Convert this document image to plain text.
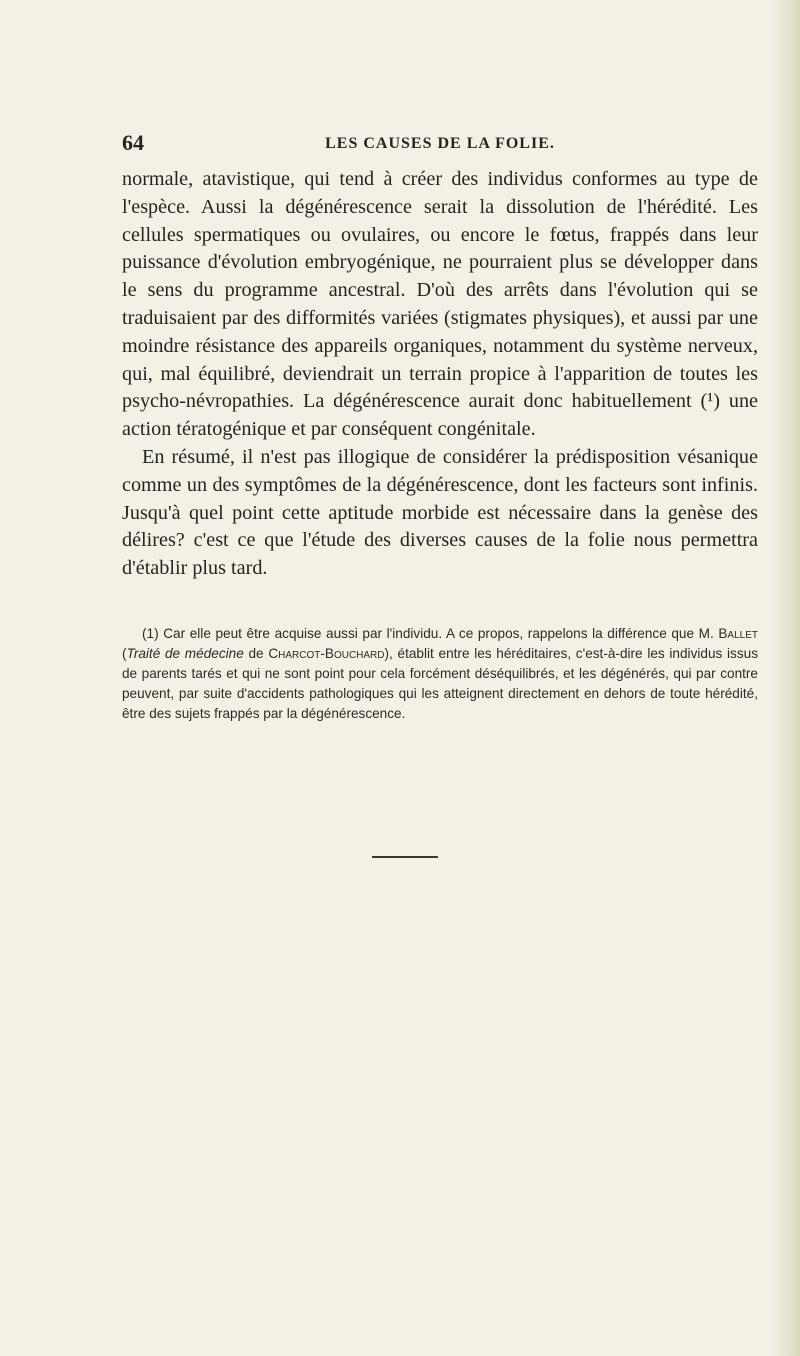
64	LES CAUSES DE LA FOLIE.

normale, atavistique, qui tend à créer des individus conformes au type de l'espèce. Aussi la dégénérescence serait la dissolution de l'hérédité. Les cellules spermatiques ou ovulaires, ou encore le fœtus, frappés dans leur puissance d'évolution embryogénique, ne pourraient plus se développer dans le sens du programme ancestral. D'où des arrêts dans l'évolution qui se traduisaient par des difformités variées (stigmates physiques), et aussi par une moindre résistance des appareils organiques, notamment du système nerveux, qui, mal équilibré, deviendrait un terrain propice à l'apparition de toutes les psycho-névropathies. La dégénérescence aurait donc habituellement (¹) une action tératogénique et par conséquent congénitale.

En résumé, il n'est pas illogique de considérer la prédisposition vésanique comme un des symptômes de la dégénérescence, dont les facteurs sont infinis. Jusqu'à quel point cette aptitude morbide est nécessaire dans la genèse des délires? c'est ce que l'étude des diverses causes de la folie nous permettra d'établir plus tard.

(1) Car elle peut être acquise aussi par l'individu. A ce propos, rappelons la différence que M. Ballet (Traité de médecine de Charcot-Bouchard), établit entre les héréditaires, c'est-à-dire les individus issus de parents tarés et qui ne sont point pour cela forcément déséquilibrés, et les dégénérés, qui par contre peuvent, par suite d'accidents pathologiques qui les atteignent directement en dehors de toute hérédité, être des sujets frappés par la dégénérescence.
